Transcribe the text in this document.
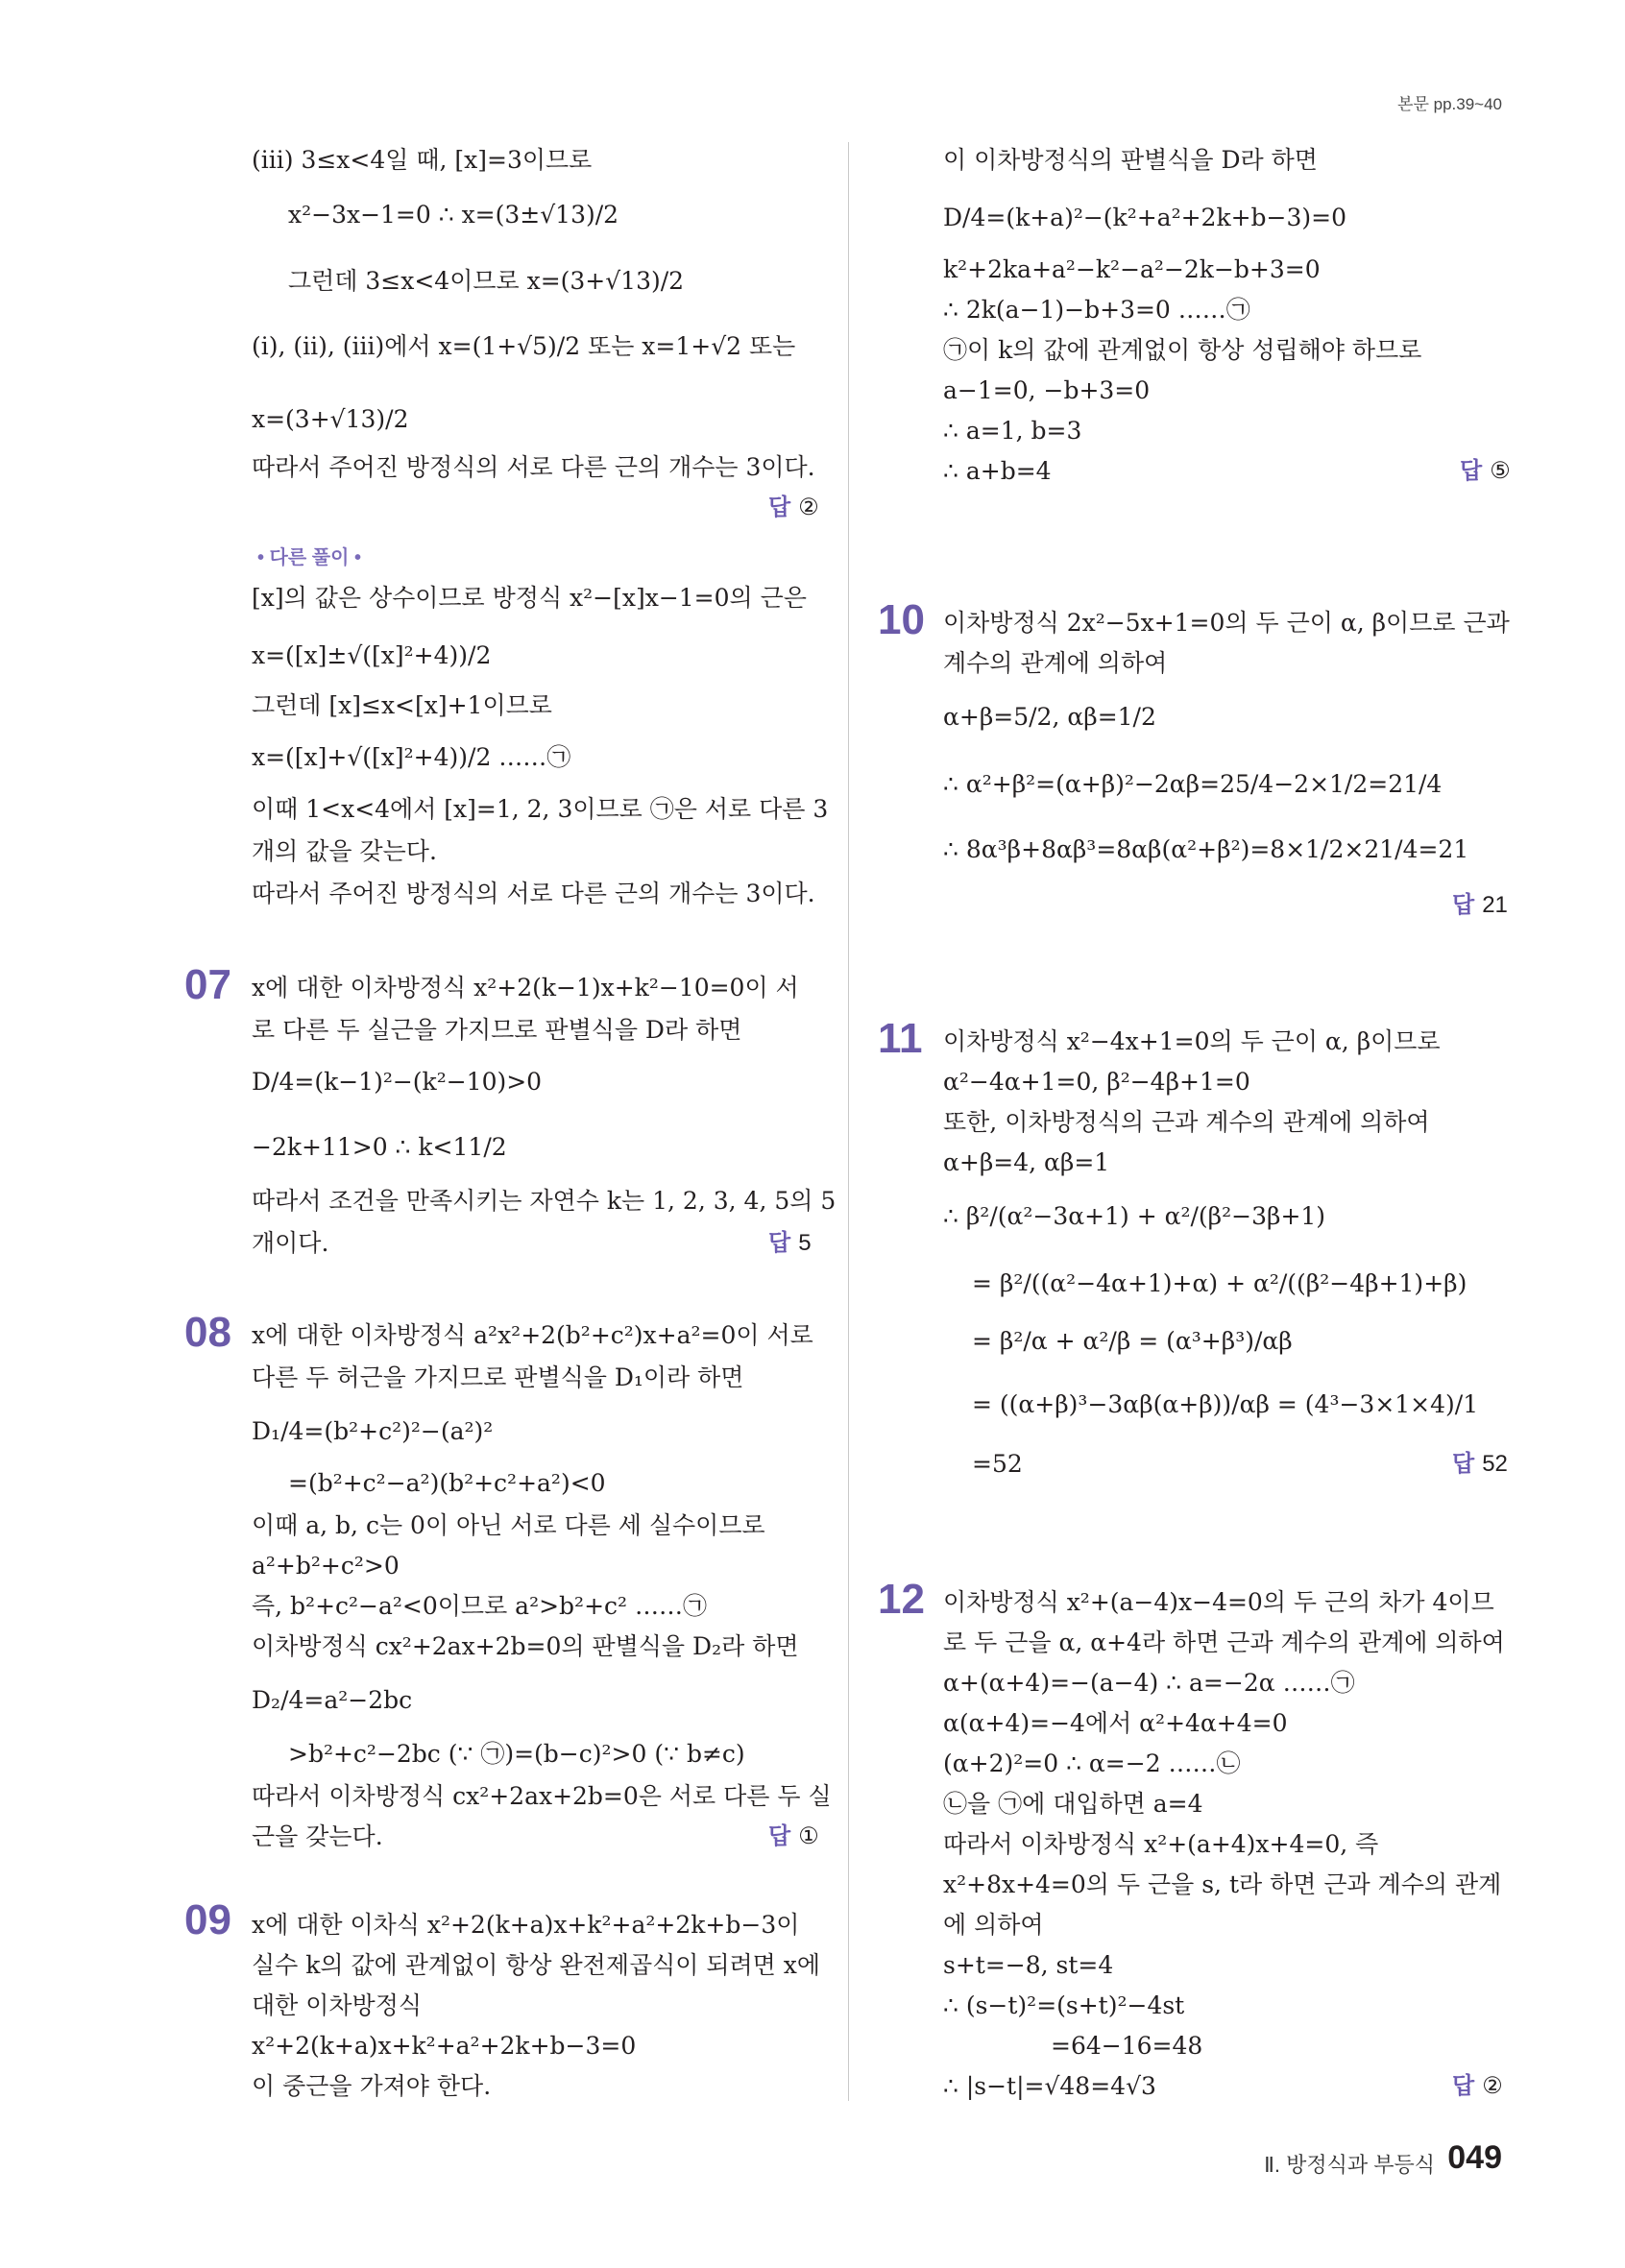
본문 pp.39~40
(ⅲ) 3≤x<4일 때, [x]=3이므로
x²−3x−1=0 ∴ x=(3±√13)/2
그런데 3≤x<4이므로 x=(3+√13)/2
(ⅰ), (ⅱ), (ⅲ)에서 x=(1+√5)/2 또는 x=1+√2 또는
x=(3+√13)/2
따라서 주어진 방정식의 서로 다른 근의 개수는 3이다.
답 ②
• 다른 풀이 •
[x]의 값은 상수이므로 방정식 x²−[x]x−1=0의 근은
x=([x]±√([x]²+4))/2
그런데 [x]≤x<[x]+1이므로
x=([x]+√([x]²+4))/2 ……㉠
이때 1<x<4에서 [x]=1, 2, 3이므로 ㉠은 서로 다른 3
개의 값을 갖는다.
따라서 주어진 방정식의 서로 다른 근의 개수는 3이다.
07 x에 대한 이차방정식 x²+2(k−1)x+k²−10=0이 서
로 다른 두 실근을 가지므로 판별식을 D라 하면
D/4=(k−1)²−(k²−10)>0
−2k+11>0 ∴ k<11/2
따라서 조건을 만족시키는 자연수 k는 1, 2, 3, 4, 5의 5
개이다.	답 5
08 x에 대한 이차방정식 a²x²+2(b²+c²)x+a²=0이 서로
다른 두 허근을 가지므로 판별식을 D₁이라 하면
D₁/4=(b²+c²)²−(a²)²
=(b²+c²−a²)(b²+c²+a²)<0
이때 a, b, c는 0이 아닌 서로 다른 세 실수이므로
a²+b²+c²>0
즉, b²+c²−a²<0이므로 a²>b²+c² ……㉠
이차방정식 cx²+2ax+2b=0의 판별식을 D₂라 하면
D₂/4=a²−2bc
>b²+c²−2bc (∵ ㉠)=(b−c)²>0 (∵ b≠c)
따라서 이차방정식 cx²+2ax+2b=0은 서로 다른 두 실
근을 갖는다.	답 ①
09 x에 대한 이차식 x²+2(k+a)x+k²+a²+2k+b−3이
실수 k의 값에 관계없이 항상 완전제곱식이 되려면 x에
대한 이차방정식
x²+2(k+a)x+k²+a²+2k+b−3=0
이 중근을 가져야 한다.
이 이차방정식의 판별식을 D라 하면
D/4=(k+a)²−(k²+a²+2k+b−3)=0
k²+2ka+a²−k²−a²−2k−b+3=0
∴ 2k(a−1)−b+3=0 ……㉠
㉠이 k의 값에 관계없이 항상 성립해야 하므로
a−1=0, −b+3=0
∴ a=1, b=3
∴ a+b=4	답 ⑤
10 이차방정식 2x²−5x+1=0의 두 근이 α, β이므로 근과
계수의 관계에 의하여
α+β=5/2, αβ=1/2
∴ α²+β²=(α+β)²−2αβ=25/4−2×1/2=21/4
∴ 8α³β+8αβ³=8αβ(α²+β²)=8×1/2×21/4=21
답 21
11 이차방정식 x²−4x+1=0의 두 근이 α, β이므로
α²−4α+1=0, β²−4β+1=0
또한, 이차방정식의 근과 계수의 관계에 의하여
α+β=4, αβ=1
∴ β²/(α²−3α+1) + α²/(β²−3β+1)
= β²/((α²−4α+1)+α) + α²/((β²−4β+1)+β)
= β²/α + α²/β = (α³+β³)/αβ
= ((α+β)³−3αβ(α+β))/αβ = (4³−3×1×4)/1
=52	답 52
12 이차방정식 x²+(a−4)x−4=0의 두 근의 차가 4이므
로 두 근을 α, α+4라 하면 근과 계수의 관계에 의하여
α+(α+4)=−(a−4) ∴ a=−2α ……㉠
α(α+4)=−4에서 α²+4α+4=0
(α+2)²=0 ∴ α=−2 ……㉡
㉡을 ㉠에 대입하면 a=4
따라서 이차방정식 x²+(a+4)x+4=0, 즉
x²+8x+4=0의 두 근을 s, t라 하면 근과 계수의 관계
에 의하여
s+t=−8, st=4
∴ (s−t)²=(s+t)²−4st
=64−16=48
∴ |s−t|=√48=4√3	답 ②
Ⅱ. 방정식과 부등식 049
